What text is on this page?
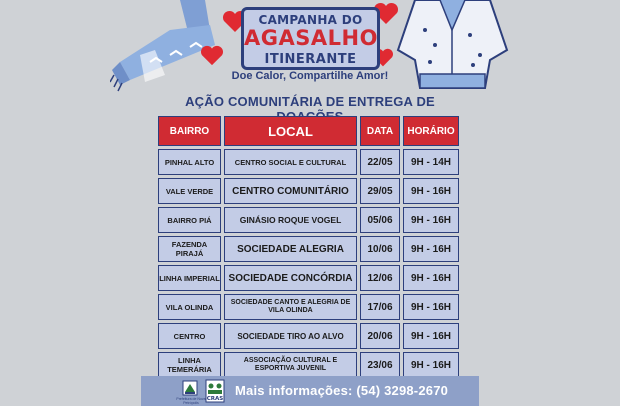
CAMPANHA DO
AGASALHO
ITINERANTE
Doe Calor, Compartilhe Amor!
AÇÃO COMUNITÁRIA DE ENTREGA DE
BAIRRO	LOCAL	DATA	HORÁRIO
PINHAL ALTO	CENTRO SOCIAL E CULTURAL	22/05	9H - 14H
VALE VERDE	CENTRO COMUNITÁRIO	29/05	9H - 16H
BAIRRO PIÁ	GINÁSIO ROQUE VOGEL	05/06	9H - 16H
FAZENDA PIRAJÁ	SOCIEDADE ALEGRIA	10/06	9H - 16H
LINHA IMPERIAL	SOCIEDADE CONCÓRDIA	12/06	9H - 16H
VILA OLINDA	SOCIEDADE CANTO E ALEGRIA DE VILA OLINDA	17/06	9H - 16H
CENTRO	SOCIEDADE TIRO AO ALVO	20/06	9H - 16H
LINHA TEMERÁRIA	ASSOCIAÇÃO CULTURAL E ESPORTIVA JUVENIL	23/06	9H - 16H
Prefeitura de Nova Petrópolis
CRAS
Mais informações: (54) 3298-2670
